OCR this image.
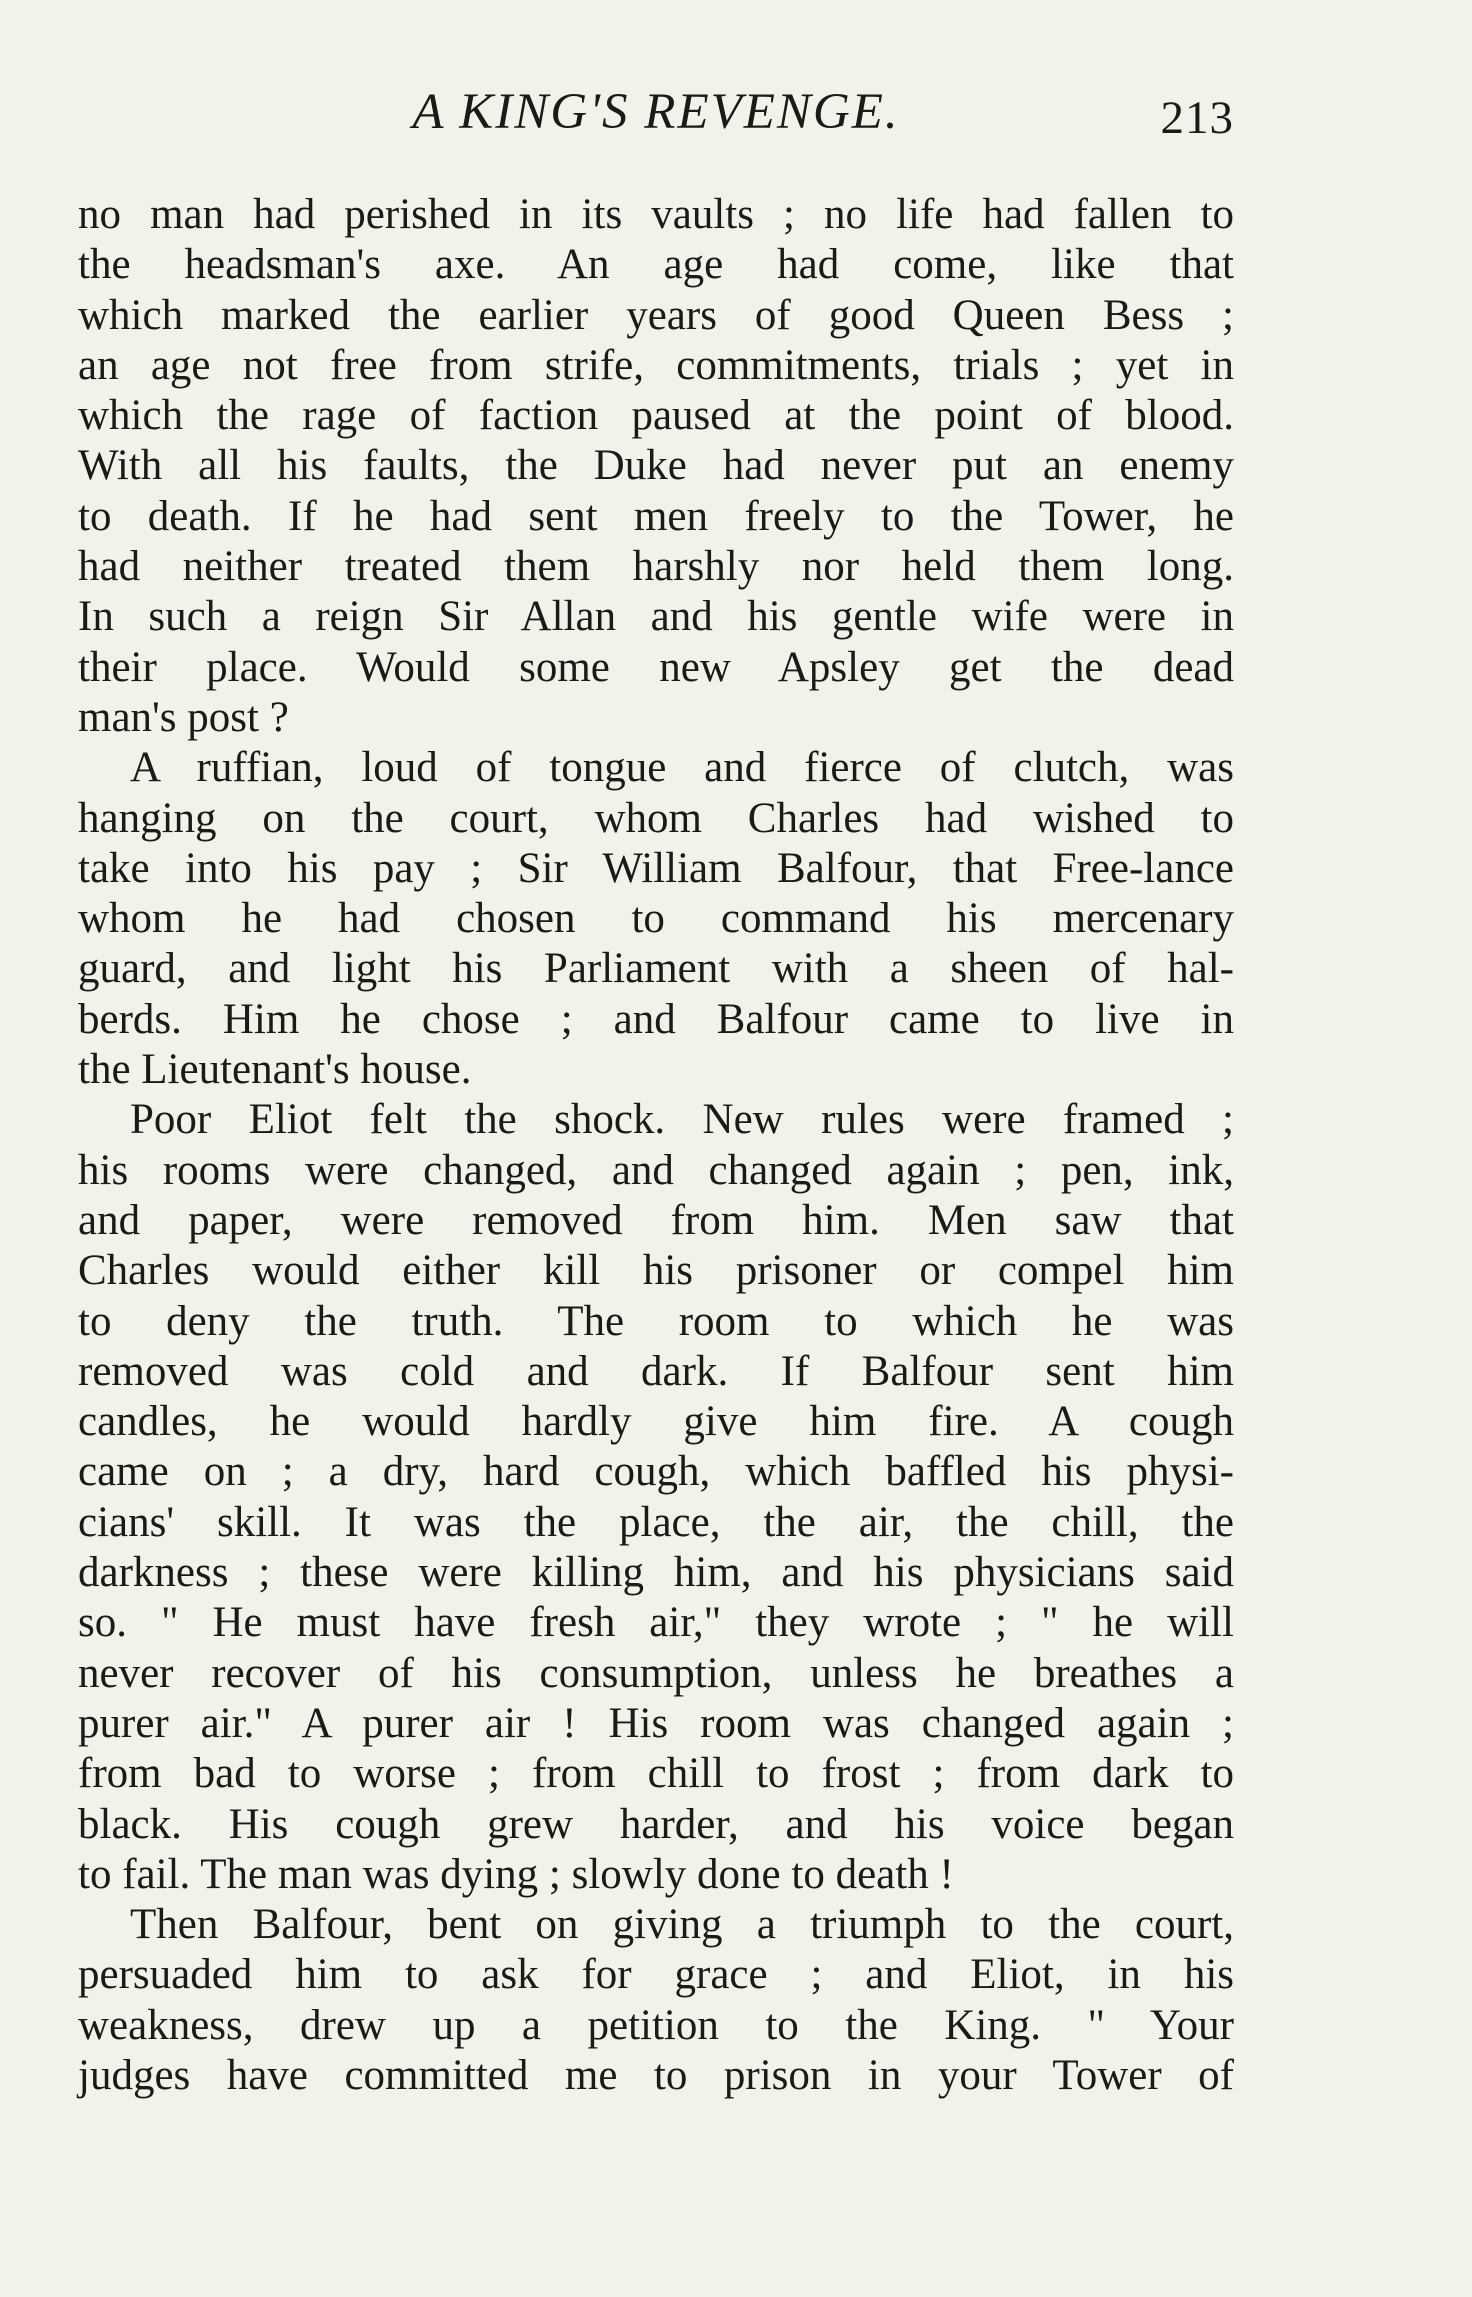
A KING'S REVENGE.	213
no man had perished in its vaults ; no life had fallen to
the headsman's axe. An age had come, like that
which marked the earlier years of good Queen Bess ;
an age not free from strife, commitments, trials ; yet in
which the rage of faction paused at the point of blood.
With all his faults, the Duke had never put an enemy
to death. If he had sent men freely to the Tower, he
had neither treated them harshly nor held them long.
In such a reign Sir Allan and his gentle wife were in
their place. Would some new Apsley get the dead
man's post ?
A ruffian, loud of tongue and fierce of clutch, was
hanging on the court, whom Charles had wished to
take into his pay ; Sir William Balfour, that Free-lance
whom he had chosen to command his mercenary
guard, and light his Parliament with a sheen of hal-
berds. Him he chose ; and Balfour came to live in
the Lieutenant's house.
Poor Eliot felt the shock. New rules were framed ;
his rooms were changed, and changed again ; pen, ink,
and paper, were removed from him. Men saw that
Charles would either kill his prisoner or compel him
to deny the truth. The room to which he was
removed was cold and dark. If Balfour sent him
candles, he would hardly give him fire. A cough
came on ; a dry, hard cough, which baffled his physi-
cians' skill. It was the place, the air, the chill, the
darkness ; these were killing him, and his physicians said
so. " He must have fresh air," they wrote ; " he will
never recover of his consumption, unless he breathes a
purer air." A purer air ! His room was changed again ;
from bad to worse ; from chill to frost ; from dark to
black. His cough grew harder, and his voice began
to fail. The man was dying ; slowly done to death !
Then Balfour, bent on giving a triumph to the court,
persuaded him to ask for grace ; and Eliot, in his
weakness, drew up a petition to the King. " Your
judges have committed me to prison in your Tower of
